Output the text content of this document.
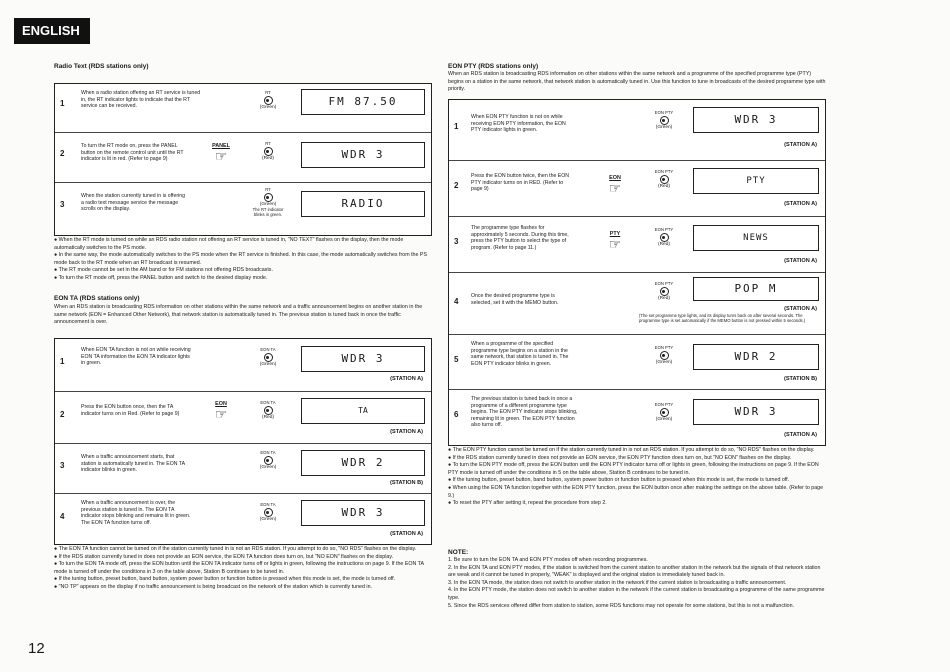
ENGLISH
Radio Text (RDS stations only)
1
When a radio station offering an RT service is tuned in, the RT indicator lights to indicate that the RT service can be received.
RT
(Green)	FM 87.50
2
To turn the RT mode on, press the PANEL button on the remote control unit until the RT indicator is lit in red. (Refer to page 9)
PANEL
☞
RT
(Red)	WDR 3
3
When the station currently tuned in is offering a radio text message service the message scrolls on the display.
RT
(Green)
The RT indicator blinks in green.
RADIO

● When the RT mode is turned on while an RDS radio station not offering an RT service is tuned in, "NO TEXT" flashes on the display, then the mode automatically switches to the PS mode.

● In the same way, the mode automatically switches to the PS mode when the RT service is finished. In this case, the mode automatically switches from the PS mode back to the RT mode when an RT broadcast is resumed.

● The RT mode cannot be set in the AM band or for FM stations not offering RDS broadcasts.

● To turn the RT mode off, press the PANEL button and switch to the desired display mode.

EON TA (RDS stations only)
When an RDS station is broadcasting RDS information on other stations within the same network and a traffic announcement begins on another station in the same network (EON = Enhanced Other Network), that network station is automatically tuned in. The previous station is tuned back in once the traffic announcement is over.
1
When EON TA function is not on while receiving EON TA information the EON TA indicator lights in green.
EON TA
(Green)	WDR 3
(STATION A)
2
Press the EON button once, then the TA indicator turns on in Red. (Refer to page 9)
EON
☞
EON TA
(Red)
TA
(STATION A)
3
When a traffic announcement starts, that station is automatically tuned in. The EON TA indicator blinks in green.
EON TA
(Green)	WDR 2
(STATION B)
4
When a traffic announcement is over, the previous station is tuned in. The EON TA indicator stops blinking and remains lit in green. The EON TA function turns off.
EON TA
(Green)
WDR 3
(STATION A)

● The EON TA function cannot be turned on if the station currently tuned in is not an RDS station. If you attempt to do so, "NO RDS" flashes on the display.

● If the RDS station currently tuned in does not provide an EON service, the EON TA function does turn on, but "NO EON" flashes on the display.

● To turn the EON TA mode off, press the EON button until the EON TA indicator turns off or lights in green, following the instructions on page 9. If the EON TA mode is turned off under the conditions in 3 on the table above, Station B continues to be tuned in.

● If the tuning button, preset button, band button, system power button or function button is pressed when this mode is set, the mode is turned off.

● "NO TP" appears on the display if no traffic announcement is being broadcast on the network of the station which is currently tuned in.

12
EON PTY (RDS stations only)
When an RDS station is broadcasting RDS information on other stations within the same network and a programme of the specified programme type (PTY) begins on a station in the same network, that network station is automatically tuned in. Use this function to tune in broadcasts of the desired programme type with priority.
1
When EON PTY function is not on while receiving EON PTY information, the EON PTY indicator lights in green.
EON PTY
(Green)
WDR 3
(STATION A)
2
Press the EON button twice, then the EON PTY indicator turns on in RED. (Refer to page 9)
EON
☞
EON PTY
(Red)
PTY
(STATION A)
3
The programme type flashes for approximately 5 seconds. During this time, press the PTY button to select the type of program. (Refer to page 11.)
PTY
☞
EON PTY
(Red)
NEWS
(STATION A)
4
Once the desired programme type is selected, set it with the MEMO button.
EON PTY
(Red)
POP M
(STATION A)
(The set programme type lights, and its display turns back on after several seconds. The programme type is set automatically if the MEMO button is not pressed within 5 seconds.)
5
When a programme of the specified programme type begins on a station in the same network, that station is tuned in. The EON PTY indicator blinks in green.
EON PTY
(Green)	WDR 2
(STATION B)
6
The previous station is tuned back in once a programme of a different programme type begins. The EON PTY indicator stops blinking, remaining lit in green. The EON PTY function also turns off.
EON PTY
(Green)
WDR 3
(STATION A)

● The EON PTY function cannot be turned on if the station currently tuned in is not an RDS station. If you attempt to do so, "NO RDS" flashes on the display.

● If the RDS station currently tuned in does not provide an EON service, the EON PTY function does turn on, but "NO EON" flashes on the display.

● To turn the EON PTY mode off, press the EON button until the EON PTY indicator turns off or lights in green, following the instructions on page 9. If the EON PTY mode is turned off under the conditions in 5 on the table above, Station B continues to be tuned in.

● If the tuning button, preset button, band button, system power button or function button is pressed when this mode is set, the mode is turned off.

● When using the EON TA function together with the EON PTY function, press the EON button once after making the settings on the above table. (Refer to page 9.)

● To reset the PTY after setting it, repeat the procedure from step 2.

NOTE:

1. Be sure to turn the EON TA and EON PTY modes off when recording programmes.

2. In the EON TA and EON PTY modes, if the station is switched from the current station to another station in the network but the signals of that network station are weak and it cannot be tuned in properly, "WEAK" is displayed and the original station is immediately tuned back in.

3. In the EON TA mode, the station does not switch to another station in the network if the current station is broadcasting a traffic announcement.

4. In the EON PTY mode, the station does not switch to another station in the network if the current station is broadcasting a programme of the same programme type.

5. Since the RDS services offered differ from station to station, some RDS functions may not operate for some stations, but this is not a malfunction.
